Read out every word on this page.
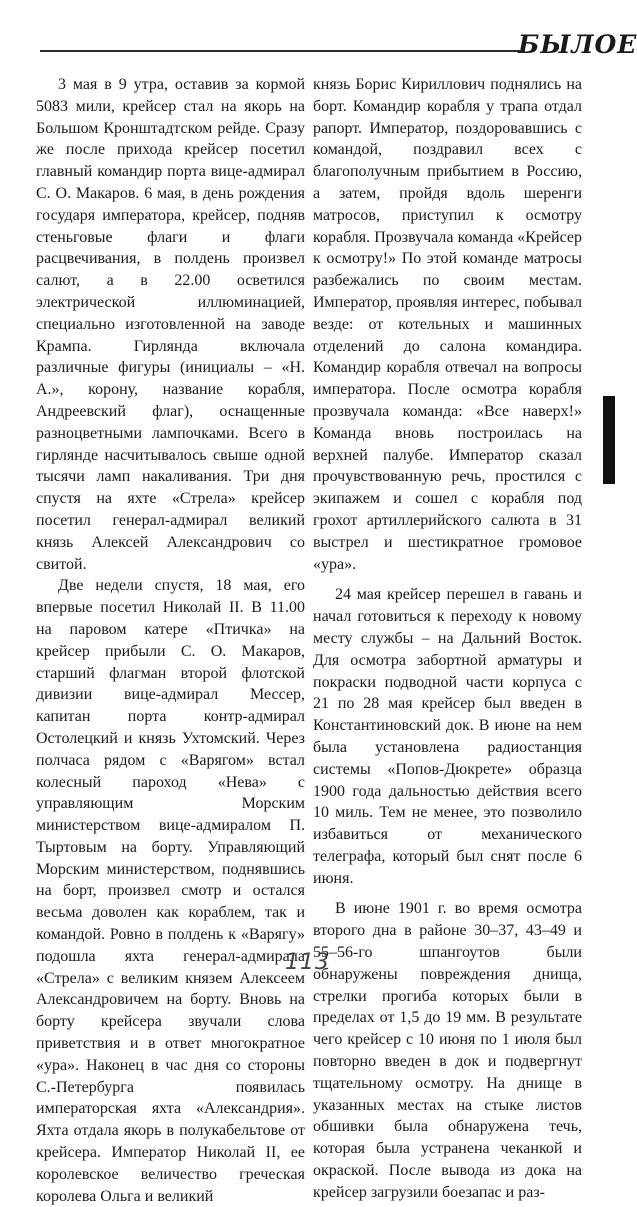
БЫЛОЕ

3 мая в 9 утра, оставив за кормой 5083 мили, крейсер стал на якорь на Большом Кронштадтском рейде. Сразу же после прихода крейсер посетил главный командир порта вице-адмирал С. О. Макаров. 6 мая, в день рождения государя императора, крейсер, подняв стеньговые флаги и флаги расцвечивания, в полдень произвел салют, а в 22.00 осветился электрической иллюминацией, специально изготовленной на заводе Крампа. Гирлянда включала различные фигуры (инициалы – «Н. А.», корону, название корабля, Андреевский флаг), оснащенные разноцветными лампочками. Всего в гирлянде насчитывалось свыше одной тысячи ламп накаливания. Три дня спустя на яхте «Стрела» крейсер посетил генерал-адмирал великий князь Алексей Александрович со свитой.

Две недели спустя, 18 мая, его впервые посетил Николай II. В 11.00 на паровом катере «Птичка» на крейсер прибыли С. О. Макаров, старший флагман второй флотской дивизии вице-адмирал Мессер, капитан порта контр-адмирал Остолецкий и князь Ухтомский. Через полчаса рядом с «Варягом» встал колесный пароход «Нева» с управляющим Морским министерством вице-адмиралом П. Тыртовым на борту. Управляющий Морским министерством, поднявшись на борт, произвел смотр и остался весьма доволен как кораблем, так и командой. Ровно в полдень к «Варягу» подошла яхта генерал-адмирала «Стрела» с великим князем Алексеем Александровичем на борту. Вновь на борту крейсера звучали слова приветствия и в ответ многократное «ура». Наконец в час дня со стороны С.-Петербурга появилась императорская яхта «Александрия». Яхта отдала якорь в полукабельтове от крейсера. Император Николай II, ее королевское величество греческая королева Ольга и великий

князь Борис Кириллович поднялись на борт. Командир корабля у трапа отдал рапорт. Император, поздоровавшись с командой, поздравил всех с благополучным прибытием в Россию, а затем, пройдя вдоль шеренги матросов, приступил к осмотру корабля. Прозвучала команда «Крейсер к осмотру!» По этой команде матросы разбежались по своим местам. Император, проявляя интерес, побывал везде: от котельных и машинных отделений до салона командира. Командир корабля отвечал на вопросы императора. После осмотра корабля прозвучала команда: «Все наверх!» Команда вновь построилась на верхней палубе. Император сказал прочувствованную речь, простился с экипажем и сошел с корабля под грохот артиллерийского салюта в 31 выстрел и шестикратное громовое «ура».

24 мая крейсер перешел в гавань и начал готовиться к переходу к новому месту службы – на Дальний Восток. Для осмотра забортной арматуры и покраски подводной части корпуса с 21 по 28 мая крейсер был введен в Константиновский док. В июне на нем была установлена радиостанция системы «Попов-Дюкрете» образца 1900 года дальностью действия всего 10 миль. Тем не менее, это позволило избавиться от механического телеграфа, который был снят после 6 июня.

В июне 1901 г. во время осмотра второго дна в районе 30–37, 43–49 и 55–56-го шпангоутов были обнаружены повреждения днища, стрелки прогиба которых были в пределах от 1,5 до 19 мм. В результате чего крейсер с 10 июня по 1 июля был повторно введен в док и подвергнут тщательному осмотру. На днище в указанных местах на стыке листов обшивки была обнаружена течь, которая была устранена чеканкой и окраской. После вывода из дока на крейсер загрузили боезапас и раз-

113
